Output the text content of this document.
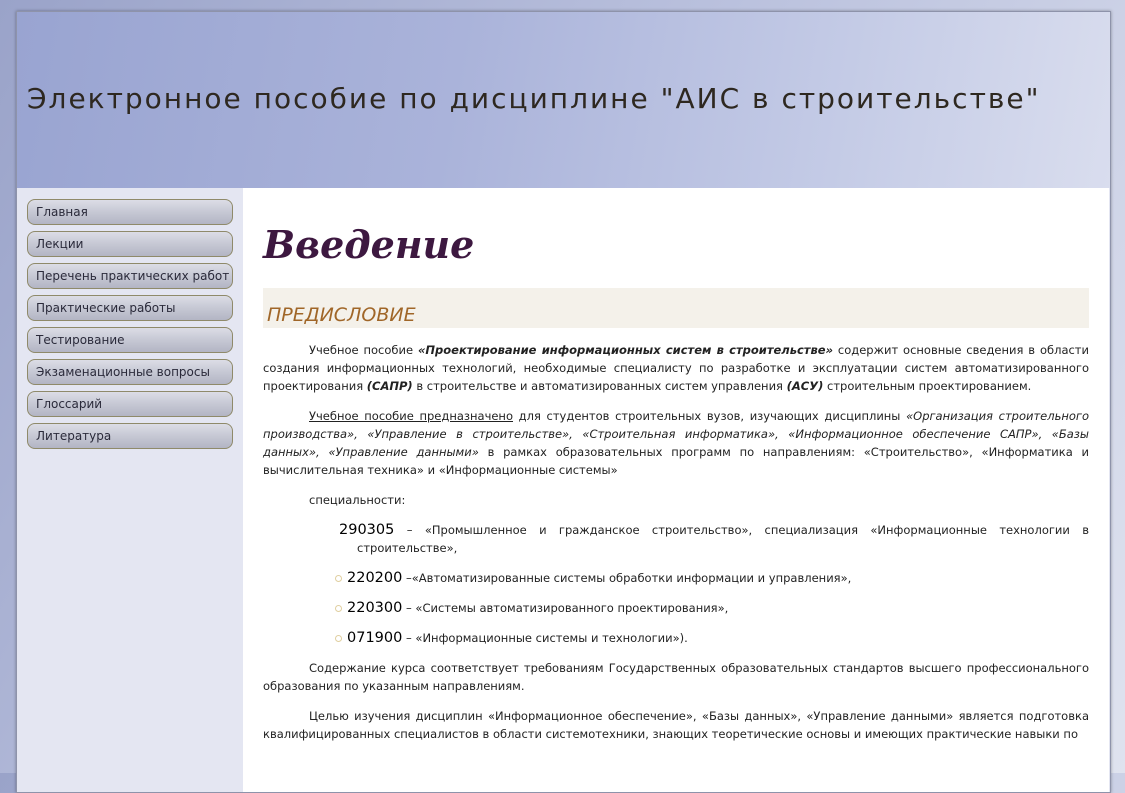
Электронное пособие по дисциплине "АИС в строительстве"
Главная
Лекции
Перечень практических работ
Практические работы
Тестирование
Экзаменационные вопросы
Глоссарий
Литература
Введение
ПРЕДИСЛОВИЕ

Учебное пособие «Проектирование информационных систем в строительстве» содержит основные сведения в области создания информационных технологий, необходимые специалисту по разработке и эксплуатации систем автоматизированного проектирования (САПР) в строительстве и автоматизированных систем управления (АСУ) строительным проектированием.

Учебное пособие предназначено для студентов строительных вузов, изучающих дисциплины «Организация строительного производства», «Управление в строительстве», «Строительная информатика», «Информационное обеспечение САПР», «Базы данных», «Управление данными» в рамках образовательных программ по направлениям: «Строительство», «Информатика и вычислительная техника» и «Информационные системы»

специальности:

290305 – «Промышленное и гражданское строительство», специализация «Информационные технологии в строительстве»,
220200 –«Автоматизированные системы обработки информации и управления»,
220300 – «Системы автоматизированного проектирования»,
071900 – «Информационные системы и технологии»).

Содержание курса соответствует требованиям Государственных образовательных стандартов высшего профессионального образования по указанным направлениям.

Целью изучения дисциплин «Информационное обеспечение», «Базы данных», «Управление данными» является подготовка квалифицированных специалистов в области системотехники, знающих теоретические основы и имеющих практические навыки по
